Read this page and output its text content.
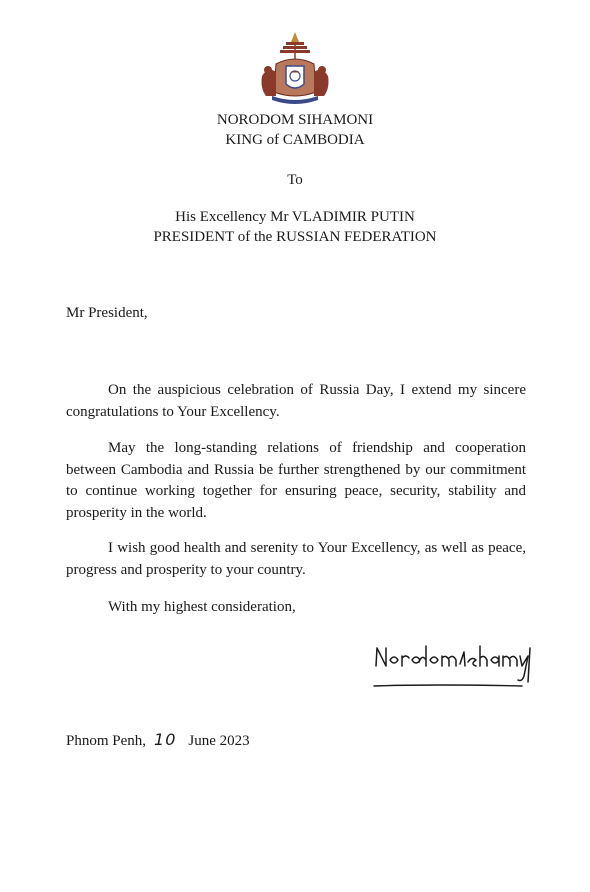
NORODOM SIHAMONI
KING of CAMBODIA
To
His Excellency Mr VLADIMIR PUTIN
PRESIDENT of the RUSSIAN FEDERATION
Mr President,
On the auspicious celebration of Russia Day, I extend my sincere congratulations to Your Excellency.
May the long-standing relations of friendship and cooperation between Cambodia and Russia be further strengthened by our commitment to continue working together for ensuring peace, security, stability and prosperity in the world.
I wish good health and serenity to Your Excellency, as well as peace, progress and prosperity to your country.
With my highest consideration,
Phnom Penh, 10 June 2023
